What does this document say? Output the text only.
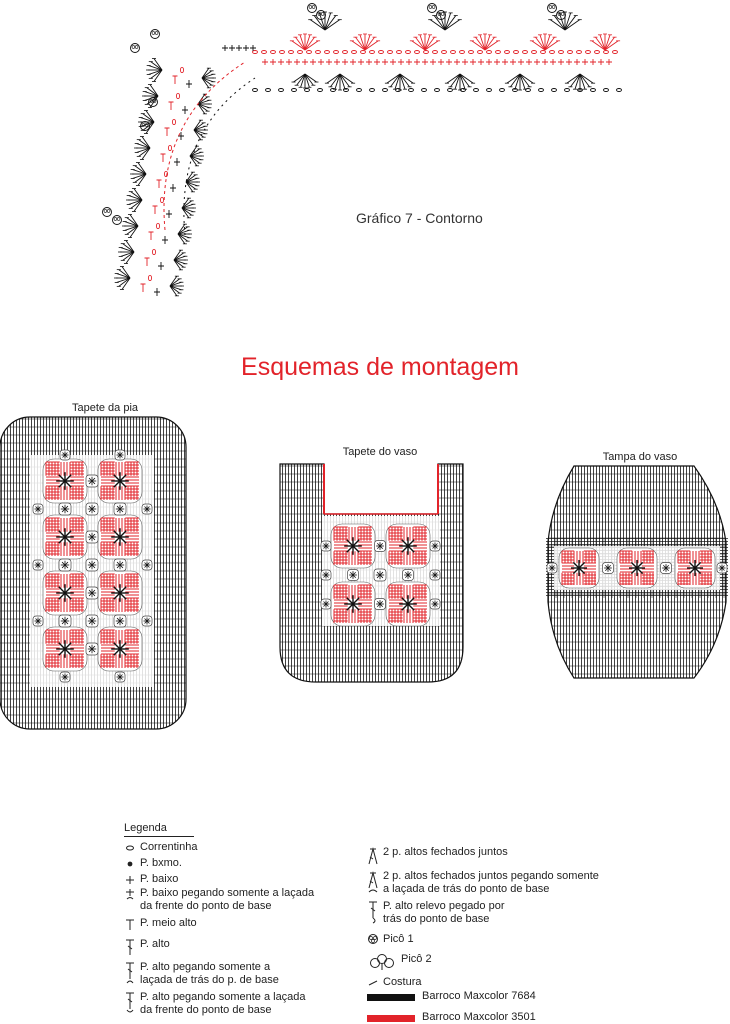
Gráfico 7 - Contorno
Esquemas de montagem
Tapete da pia
Tapete do vaso	Tampa do vaso
Legenda
Correntinha
P. bxmo.
P. baixo
P. baixo pegando somente a laçada
da frente do ponto de base
P. meio alto
P. alto
P. alto pegando somente a
laçada de trás do p. de base
P. alto pegando somente a laçada
da frente do ponto de base
2 p. altos fechados juntos
2 p. altos fechados juntos pegando somente
a laçada de trás do ponto de base
P. alto relevo pegado por
trás do ponto de base
Picô 1
Picô 2
Costura
Barroco Maxcolor 7684
Barroco Maxcolor 3501
